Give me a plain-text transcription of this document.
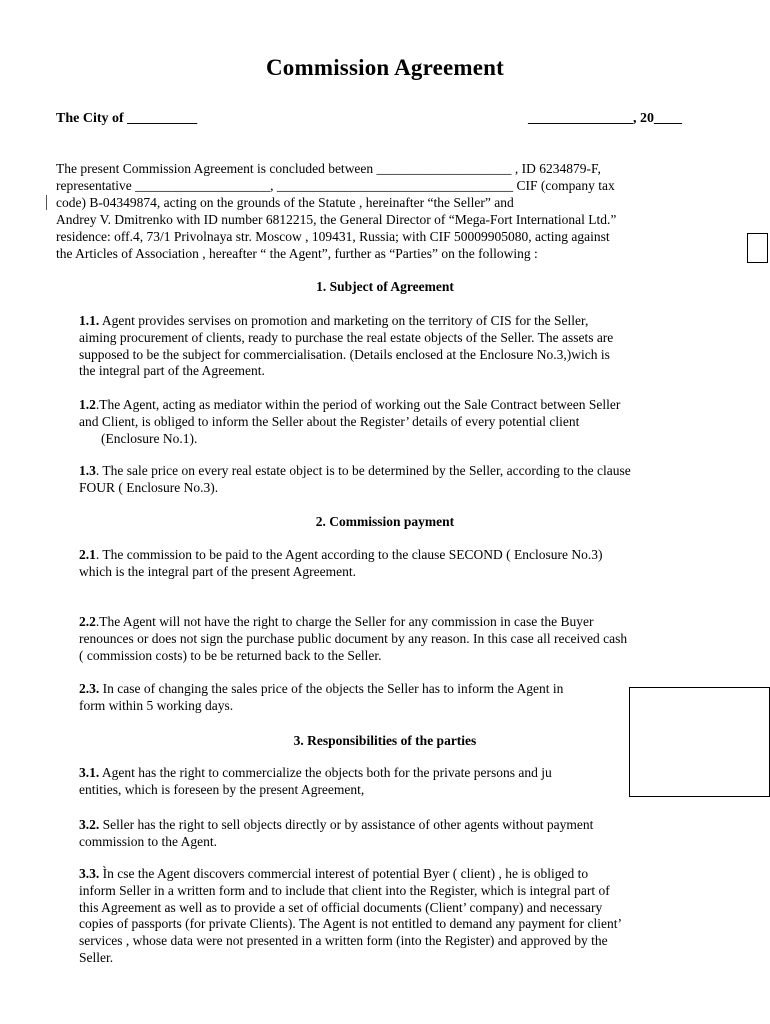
Commission Agreement
The City of __________	_______________, 20____
The present Commission Agreement is concluded between ____________________ , ID 6234879-F,
representative ____________________, ___________________________________ CIF (company tax
code) B-04349874, acting on the grounds of the Statute , hereinafter “the Seller” and
Andrey V. Dmitrenko with ID number 6812215, the General Director of “Mega-Fort International Ltd.”
residence: off.4, 73/1 Privolnaya str. Moscow , 109431, Russia; with CIF 50009905080, acting against
the Articles of Association , hereafter “ the Agent”, further as “Parties” on the following :
1. Subject of Agreement
1.1. Agent provides servises on promotion and marketing on the territory of CIS for the Seller,
aiming procurement of clients, ready to purchase the real estate objects of the Seller. The assets are
supposed to be the subject for commercialisation. (Details enclosed at the Enclosure No.3,)wich is
the integral part of the Agreement.
1.2.The Agent, acting as mediator within the period of working out the Sale Contract between Seller
and Client, is obliged to inform the Seller about the Register’ details of every potential client
(Enclosure No.1).
1.3. The sale price on every real estate object is to be determined by the Seller, according to the clause
FOUR ( Enclosure No.3).
2. Commission payment
2.1. The commission to be paid to the Agent according to the clause SECOND ( Enclosure No.3)
which is the integral part of the present Agreement.
2.2.The Agent will not have the right to charge the Seller for any commission in case the Buyer
renounces or does not sign the purchase public document by any reason. In this case all received cash
( commission costs) to be be returned back to the Seller.
2.3. In case of changing the sales price of the objects the Seller has to inform the Agent in
form within 5 working days.
3. Responsibilities of the parties
3.1. Agent has the right to commercialize the objects both for the private persons and ju
entities, which is foreseen by the present Agreement,
3.2. Seller has the right to sell objects directly or by assistance of other agents without payment
commission to the Agent.
3.3. Ìn cse the Agent discovers commercial interest of potential Byer ( client) , he is obliged to
inform Seller in a written form and to include that client into the Register, which is integral part of
this Agreement as well as to provide a set of official documents (Client’ company) and necessary
copies of passports (for private Clients). The Agent is not entitled to demand any payment for client’
services , whose data were not presented in a written form (into the Register) and approved by the
Seller.
